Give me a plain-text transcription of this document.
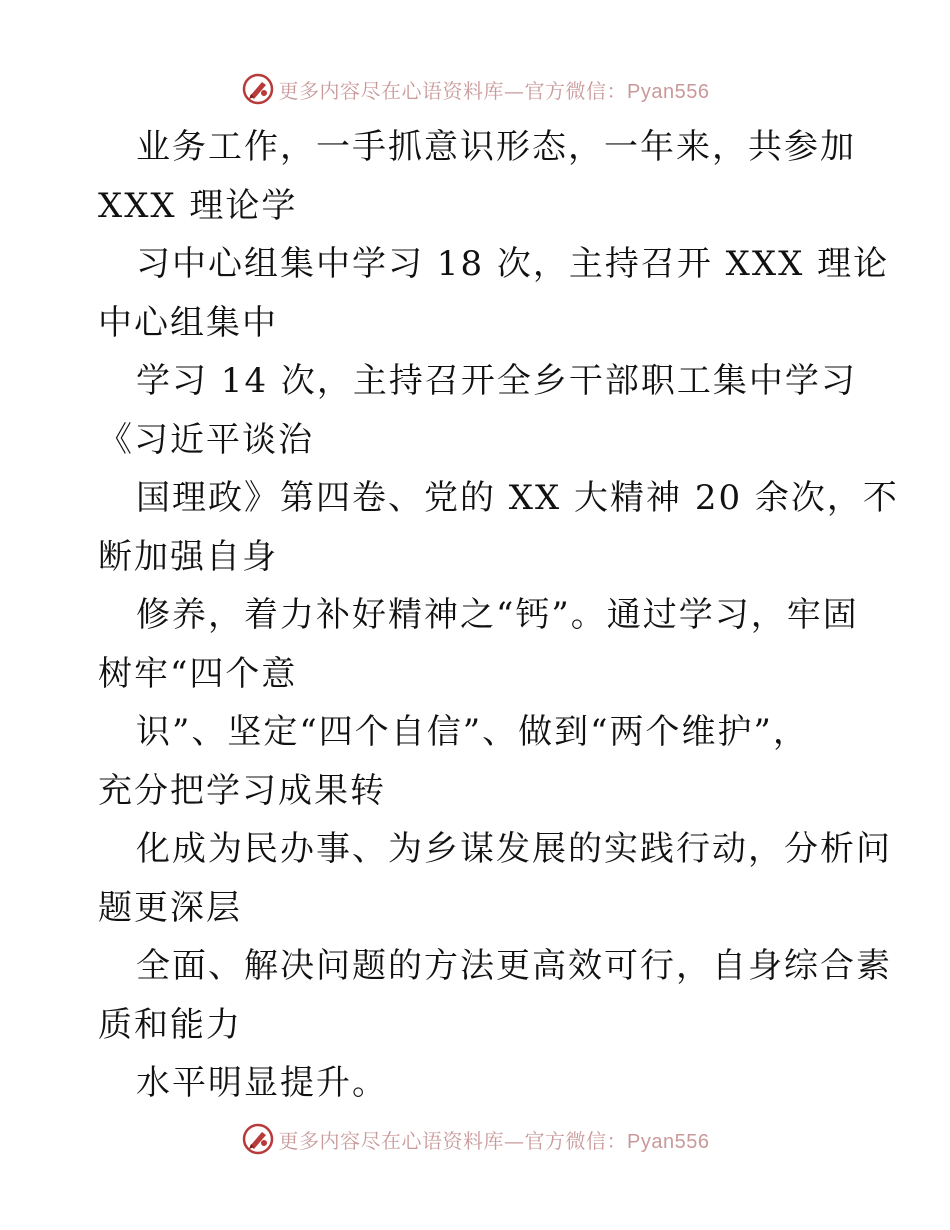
更多内容尽在心语资料库—官方微信：Pyan556
业务工作，一手抓意识形态，一年来，共参加
XXX 理论学
习中心组集中学习 18 次，主持召开 XXX 理论
中心组集中
学习 14 次，主持召开全乡干部职工集中学习
《习近平谈治
国理政》第四卷、党的 XX 大精神 20 余次，不
断加强自身
修养，着力补好精神之“钙”。通过学习，牢固
树牢“四个意
识”、坚定“四个自信”、做到“两个维护”，
充分把学习成果转
化成为民办事、为乡谋发展的实践行动，分析问
题更深层
全面、解决问题的方法更高效可行，自身综合素
质和能力
水平明显提升。
更多内容尽在心语资料库—官方微信：Pyan556
